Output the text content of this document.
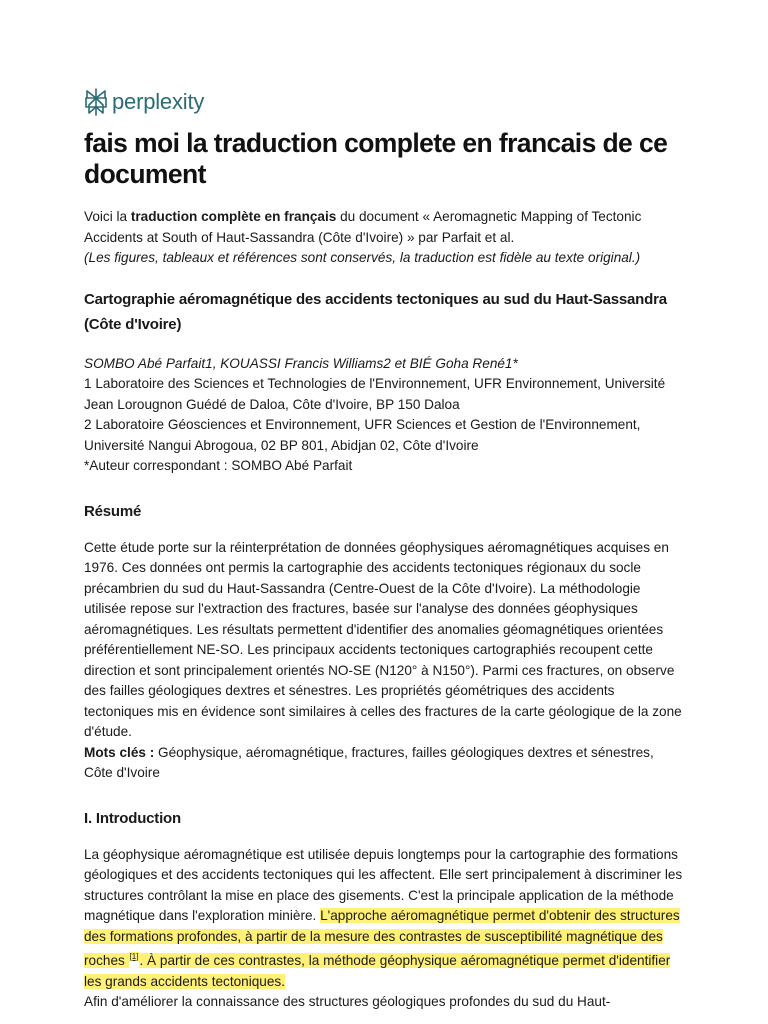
perplexity
fais moi la traduction complete en francais de ce document

Voici la traduction complète en français du document « Aeromagnetic Mapping of Tectonic Accidents at South of Haut-Sassandra (Côte d'Ivoire) » par Parfait et al.
(Les figures, tableaux et références sont conservés, la traduction est fidèle au texte original.)

Cartographie aéromagnétique des accidents tectoniques au sud du Haut-Sassandra (Côte d'Ivoire)

SOMBO Abé Parfait1, KOUASSI Francis Williams2 et BIÉ Goha René1*
1 Laboratoire des Sciences et Technologies de l'Environnement, UFR Environnement, Université Jean Lorougnon Guédé de Daloa, Côte d'Ivoire, BP 150 Daloa
2 Laboratoire Géosciences et Environnement, UFR Sciences et Gestion de l'Environnement, Université Nangui Abrogoua, 02 BP 801, Abidjan 02, Côte d'Ivoire
*Auteur correspondant : SOMBO Abé Parfait

Résumé

Cette étude porte sur la réinterprétation de données géophysiques aéromagnétiques acquises en 1976. Ces données ont permis la cartographie des accidents tectoniques régionaux du socle précambrien du sud du Haut-Sassandra (Centre-Ouest de la Côte d'Ivoire). La méthodologie utilisée repose sur l'extraction des fractures, basée sur l'analyse des données géophysiques aéromagnétiques. Les résultats permettent d'identifier des anomalies géomagnétiques orientées préférentiellement NE-SO. Les principaux accidents tectoniques cartographiés recoupent cette direction et sont principalement orientés NO-SE (N120° à N150°). Parmi ces fractures, on observe des failles géologiques dextres et sénestres. Les propriétés géométriques des accidents tectoniques mis en évidence sont similaires à celles des fractures de la carte géologique de la zone d'étude.
Mots clés : Géophysique, aéromagnétique, fractures, failles géologiques dextres et sénestres, Côte d'Ivoire

I. Introduction

La géophysique aéromagnétique est utilisée depuis longtemps pour la cartographie des formations géologiques et des accidents tectoniques qui les affectent. Elle sert principalement à discriminer les structures contrôlant la mise en place des gisements. C'est la principale application de la méthode magnétique dans l'exploration minière. L'approche aéromagnétique permet d'obtenir des structures des formations profondes, à partir de la mesure des contrastes de susceptibilité magnétique des roches [1]. À partir de ces contrastes, la méthode géophysique aéromagnétique permet d'identifier les grands accidents tectoniques.
Afin d'améliorer la connaissance des structures géologiques profondes du sud du Haut-
